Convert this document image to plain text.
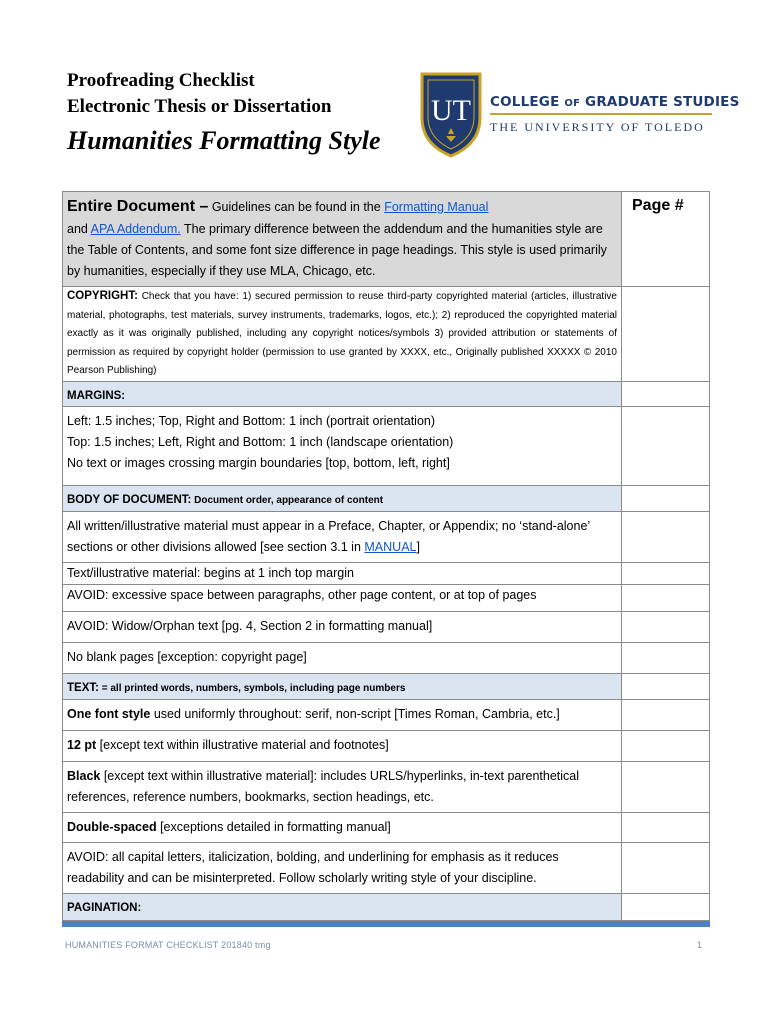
Proofreading Checklist
Electronic Thesis or Dissertation
Humanities Formatting Style
UT COLLEGE OF GRADUATE STUDIES
THE UNIVERSITY OF TOLEDO
Entire Document – Guidelines can be found in the Formatting Manual
and APA Addendum. The primary difference between the addendum and the humanities style are the Table of Contents, and some font size difference in page headings. This style is used primarily by humanities, especially if they use MLA, Chicago, etc.	Page #

COPYRIGHT: Check that you have: 1) secured permission to reuse third-party copyrighted material (articles, illustrative material, photographs, test materials, survey instruments, trademarks, logos, etc.); 2) reproduced the copyrighted material exactly as it was originally published, including any copyright notices/symbols 3) provided attribution or statements of permission as required by copyright holder (permission to use granted by XXXX, etc., Originally published XXXXX © 2010 Pearson Publishing)	

MARGINS:	

Left: 1.5 inches; Top, Right and Bottom: 1 inch (portrait orientation)
Top: 1.5 inches; Left, Right and Bottom: 1 inch (landscape orientation)
No text or images crossing margin boundaries [top, bottom, left, right]	

BODY OF DOCUMENT: Document order, appearance of content	

All written/illustrative material must appear in a Preface, Chapter, or Appendix; no ‘stand-alone’ sections or other divisions allowed [see section 3.1 in MANUAL]	
Text/illustrative material: begins at 1 inch top margin	
AVOID: excessive space between paragraphs, other page content, or at top of pages	
AVOID: Widow/Orphan text [pg. 4, Section 2 in formatting manual]	
No blank pages [exception: copyright page]	

TEXT: = all printed words, numbers, symbols, including page numbers	

One font style used uniformly throughout: serif, non-script [Times Roman, Cambria, etc.]	
12 pt [except text within illustrative material and footnotes]	
Black [except text within illustrative material]: includes URLS/hyperlinks, in-text parenthetical references, reference numbers, bookmarks, section headings, etc.	
Double-spaced [exceptions detailed in formatting manual]	
AVOID: all capital letters, italicization, bolding, and underlining for emphasis as it reduces readability and can be misinterpreted. Follow scholarly writing style of your discipline.	

PAGINATION:	

HUMANITIES FORMAT CHECKLIST 201840 tmg	1
